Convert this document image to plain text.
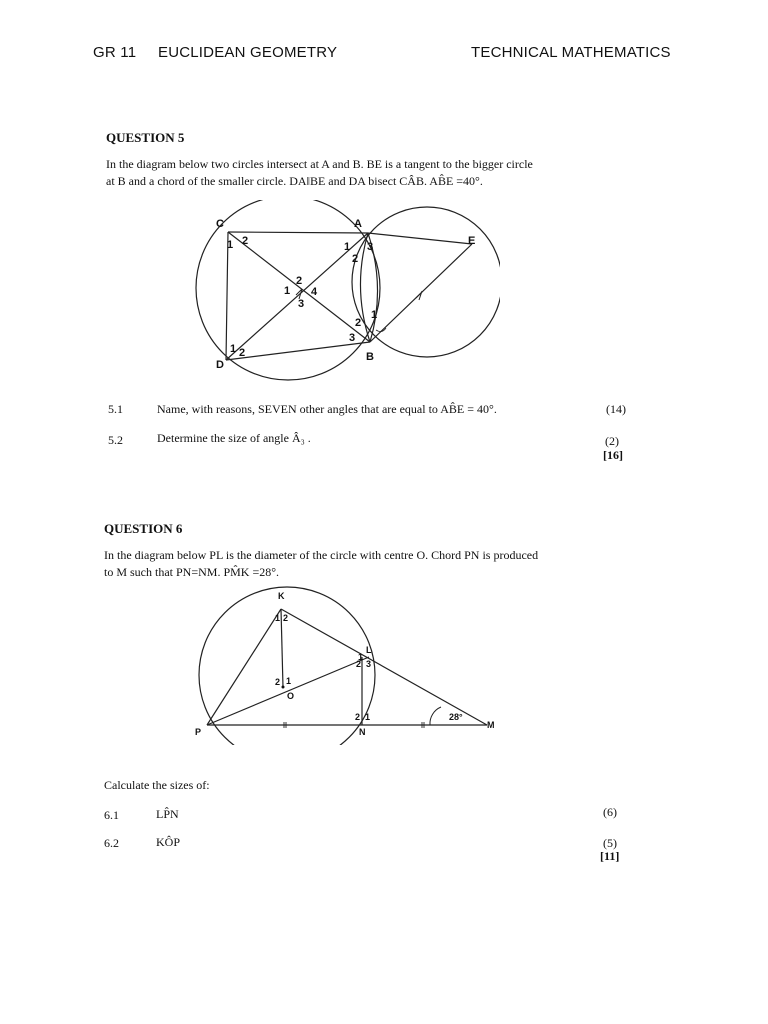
GR 11 EUCLIDEAN GEOMETRY	TECHNICAL MATHEMATICS
QUESTION 5
In the diagram below two circles intersect at A and B. BE is a tangent to the bigger circle
at B and a chord of the smaller circle. DA‖BE and DA bisect CÂB. AB̂E =40°.
C	A
E
D
B
1 2	1 3
2
2
1 4
3
2
1
3
1 2
5.1	Name, with reasons, SEVEN other angles that are equal to AB̂E = 40°.	(14)
5.2	Determine the size of angle Â₃ .	(2)
[16]
QUESTION 6
In the diagram below PL is the diameter of the circle with centre O. Chord PN is produced
to M such that PN=NM. PM̂K =28°.
K
L
O
P	N
M
1 2
1
2 3
2 1
2 1	28°
Calculate the sizes of:
6.1	LP̂N	(6)
6.2	KÔP	(5)
[11]
